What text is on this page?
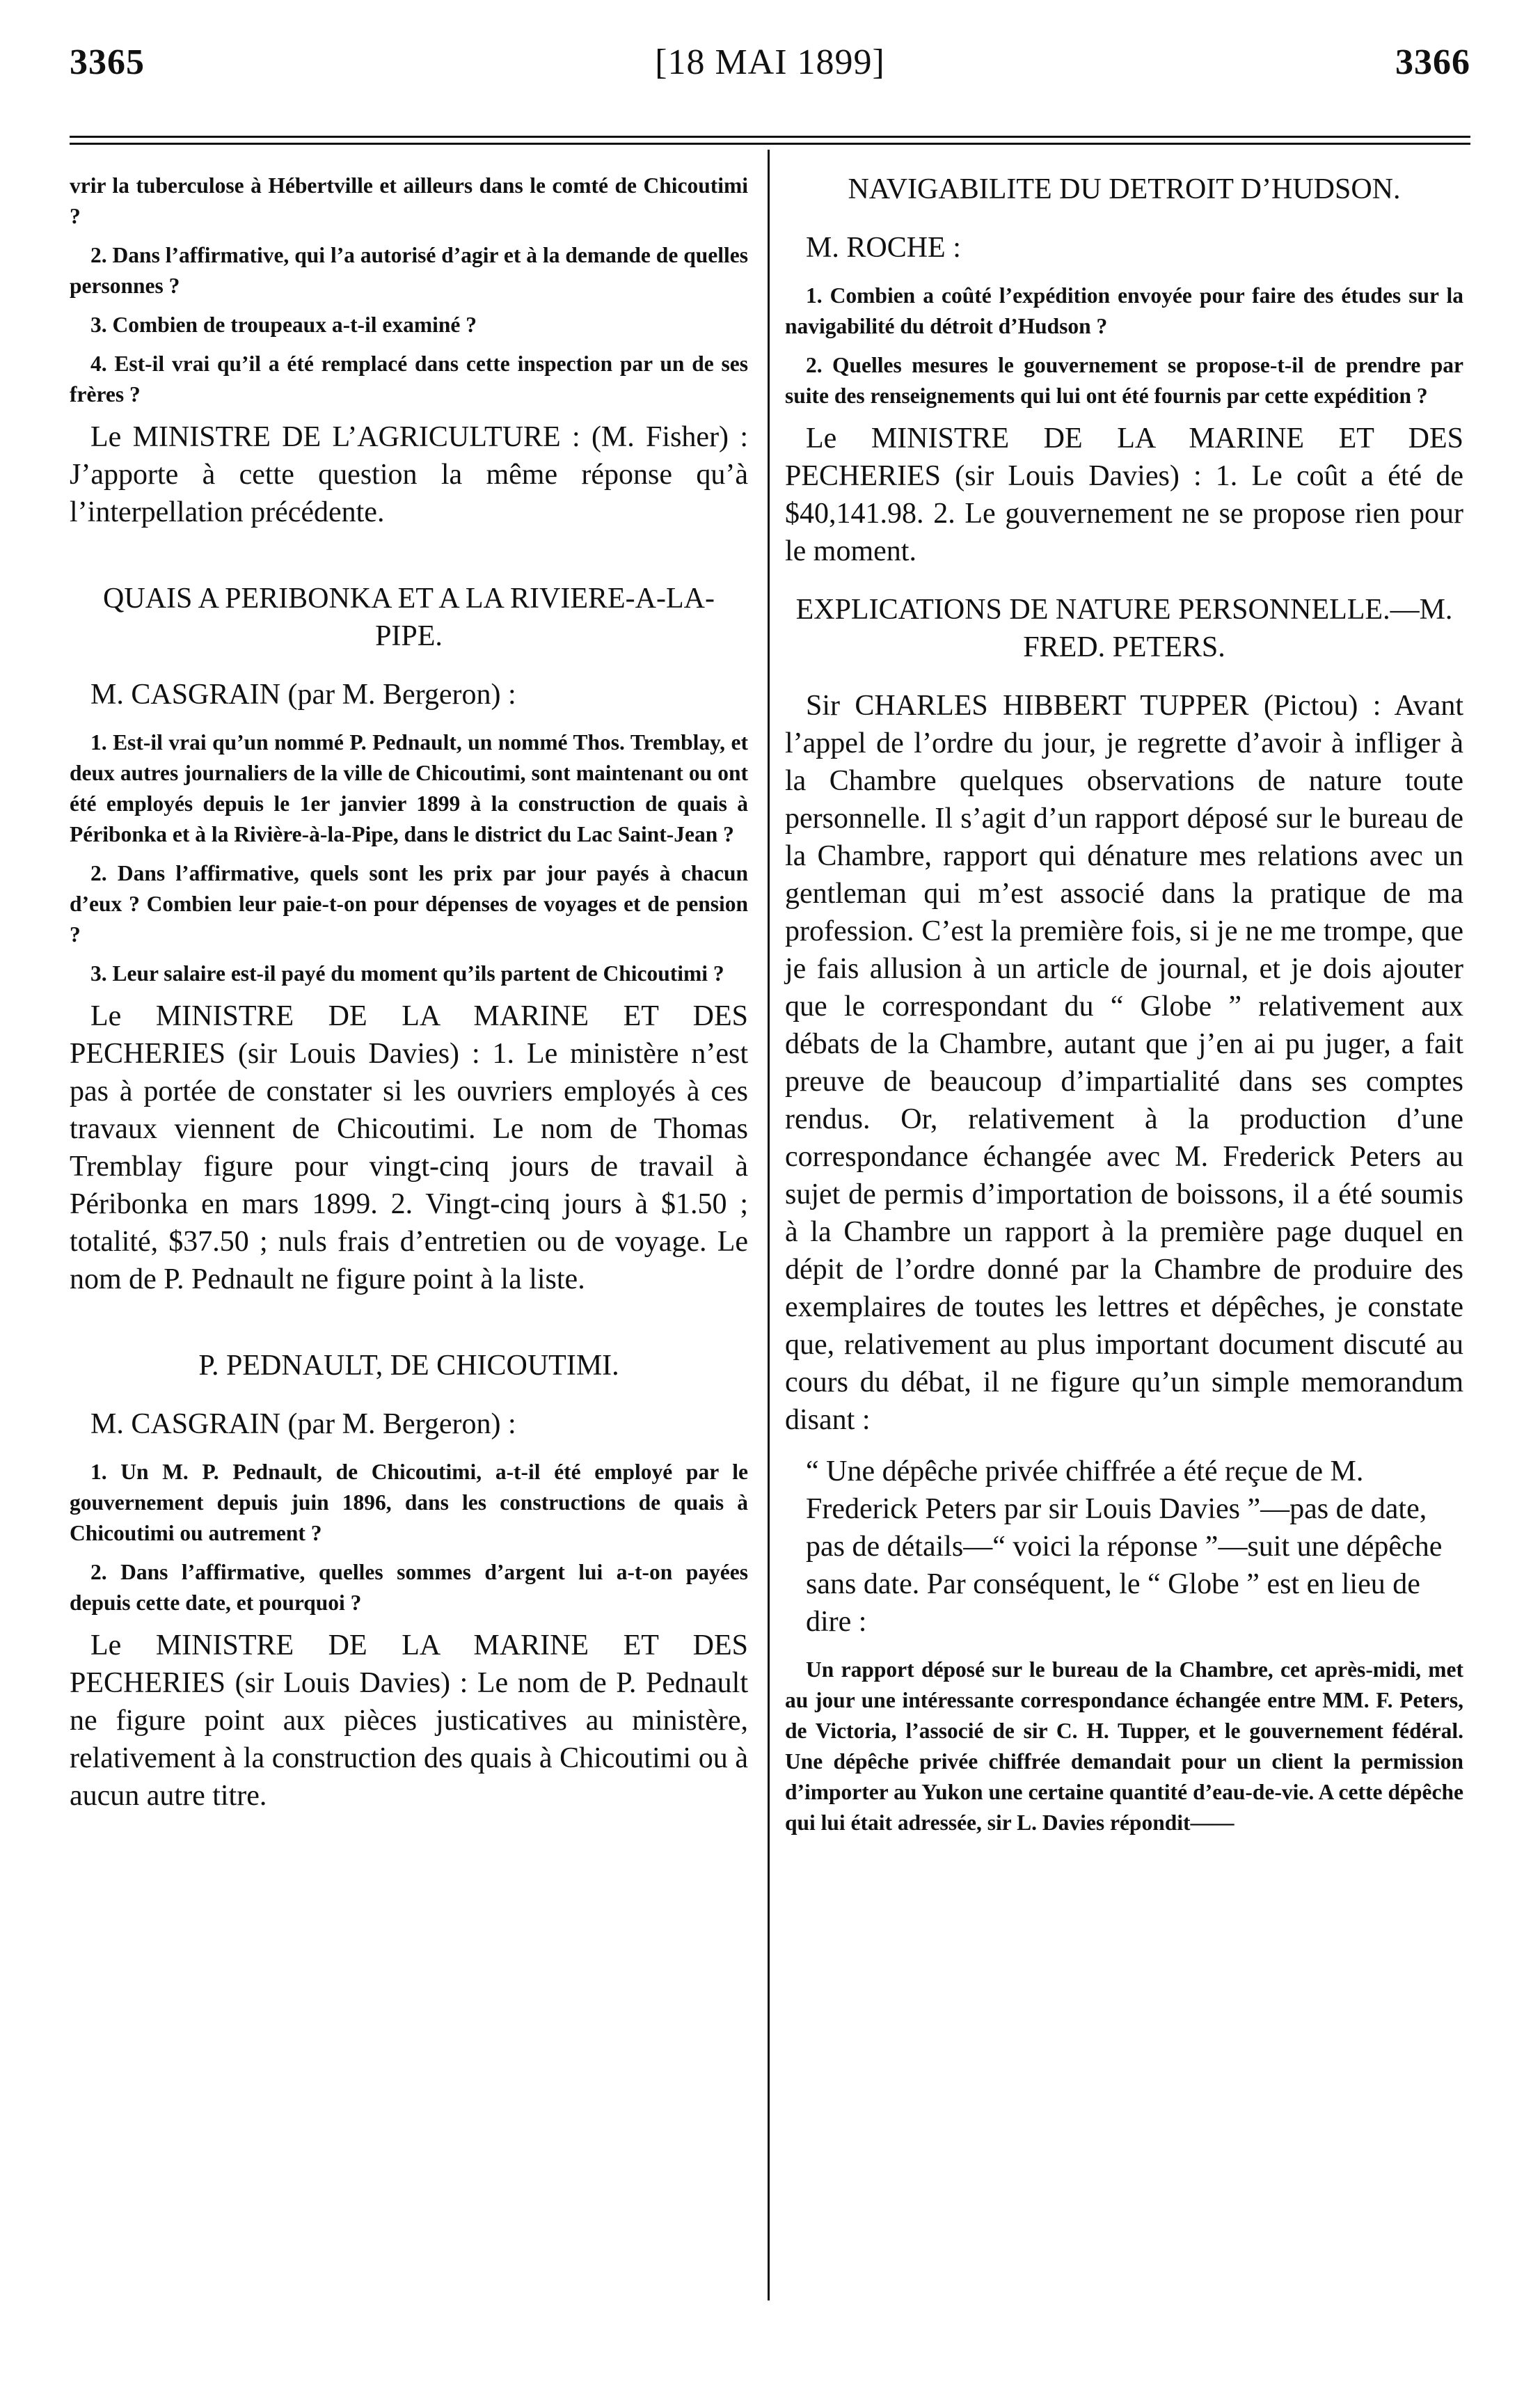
3365	[18 MAI 1899]	3366

vrir la tuberculose à Hébertville et ailleurs dans le comté de Chicoutimi ?

2. Dans l’affirmative, qui l’a autorisé d’agir et à la demande de quelles personnes ?

3. Combien de troupeaux a-t-il examiné ?

4. Est-il vrai qu’il a été remplacé dans cette inspection par un de ses frères ?

Le MINISTRE DE L’AGRICULTURE : (M. Fisher) : J’apporte à cette question la même réponse qu’à l’interpellation précédente.

QUAIS A PERIBONKA ET A LA RIVIERE-A-LA-PIPE.

M. CASGRAIN (par M. Bergeron) :

1. Est-il vrai qu’un nommé P. Pednault, un nommé Thos. Tremblay, et deux autres journaliers de la ville de Chicoutimi, sont maintenant ou ont été employés depuis le 1er janvier 1899 à la construction de quais à Péribonka et à la Rivière-à-la-Pipe, dans le district du Lac Saint-Jean ?

2. Dans l’affirmative, quels sont les prix par jour payés à chacun d’eux ? Combien leur paie-t-on pour dépenses de voyages et de pension ?

3. Leur salaire est-il payé du moment qu’ils partent de Chicoutimi ?

Le MINISTRE DE LA MARINE ET DES PECHERIES (sir Louis Davies) : 1. Le ministère n’est pas à portée de constater si les ouvriers employés à ces travaux viennent de Chicoutimi. Le nom de Thomas Tremblay figure pour vingt-cinq jours de travail à Péribonka en mars 1899. 2. Vingt-cinq jours à $1.50 ; totalité, $37.50 ; nuls frais d’entretien ou de voyage. Le nom de P. Pednault ne figure point à la liste.

P. PEDNAULT, DE CHICOUTIMI.

M. CASGRAIN (par M. Bergeron) :

1. Un M. P. Pednault, de Chicoutimi, a-t-il été employé par le gouvernement depuis juin 1896, dans les constructions de quais à Chicoutimi ou autrement ?

2. Dans l’affirmative, quelles sommes d’argent lui a-t-on payées depuis cette date, et pourquoi ?

Le MINISTRE DE LA MARINE ET DES PECHERIES (sir Louis Davies) : Le nom de P. Pednault ne figure point aux pièces justicatives au ministère, relativement à la construction des quais à Chicoutimi ou à aucun autre titre.

NAVIGABILITE DU DETROIT D’HUDSON.

M. ROCHE :

1. Combien a coûté l’expédition envoyée pour faire des études sur la navigabilité du détroit d’Hudson ?

2. Quelles mesures le gouvernement se propose-t-il de prendre par suite des renseignements qui lui ont été fournis par cette expédition ?

Le MINISTRE DE LA MARINE ET DES PECHERIES (sir Louis Davies) : 1. Le coût a été de $40,141.98. 2. Le gouvernement ne se propose rien pour le moment.

EXPLICATIONS DE NATURE PERSONNELLE.—M. FRED. PETERS.

Sir CHARLES HIBBERT TUPPER (Pictou) : Avant l’appel de l’ordre du jour, je regrette d’avoir à infliger à la Chambre quelques observations de nature toute personnelle. Il s’agit d’un rapport déposé sur le bureau de la Chambre, rapport qui dénature mes relations avec un gentleman qui m’est associé dans la pratique de ma profession. C’est la première fois, si je ne me trompe, que je fais allusion à un article de journal, et je dois ajouter que le correspondant du “ Globe ” relativement aux débats de la Chambre, autant que j’en ai pu juger, a fait preuve de beaucoup d’impartialité dans ses comptes rendus. Or, relativement à la production d’une correspondance échangée avec M. Frederick Peters au sujet de permis d’importation de boissons, il a été soumis à la Chambre un rapport à la première page duquel en dépit de l’ordre donné par la Chambre de produire des exemplaires de toutes les lettres et dépêches, je constate que, relativement au plus important document discuté au cours du débat, il ne figure qu’un simple memorandum disant :

“ Une dépêche privée chiffrée a été reçue de M. Frederick Peters par sir Louis Davies ”—pas de date, pas de détails—“ voici la réponse ”—suit une dépêche sans date. Par conséquent, le “ Globe ” est en lieu de dire :

Un rapport déposé sur le bureau de la Chambre, cet après-midi, met au jour une intéressante correspondance échangée entre MM. F. Peters, de Victoria, l’associé de sir C. H. Tupper, et le gouvernement fédéral. Une dépêche privée chiffrée demandait pour un client la permission d’importer au Yukon une certaine quantité d’eau-de-vie. A cette dépêche qui lui était adressée, sir L. Davies répondit——
